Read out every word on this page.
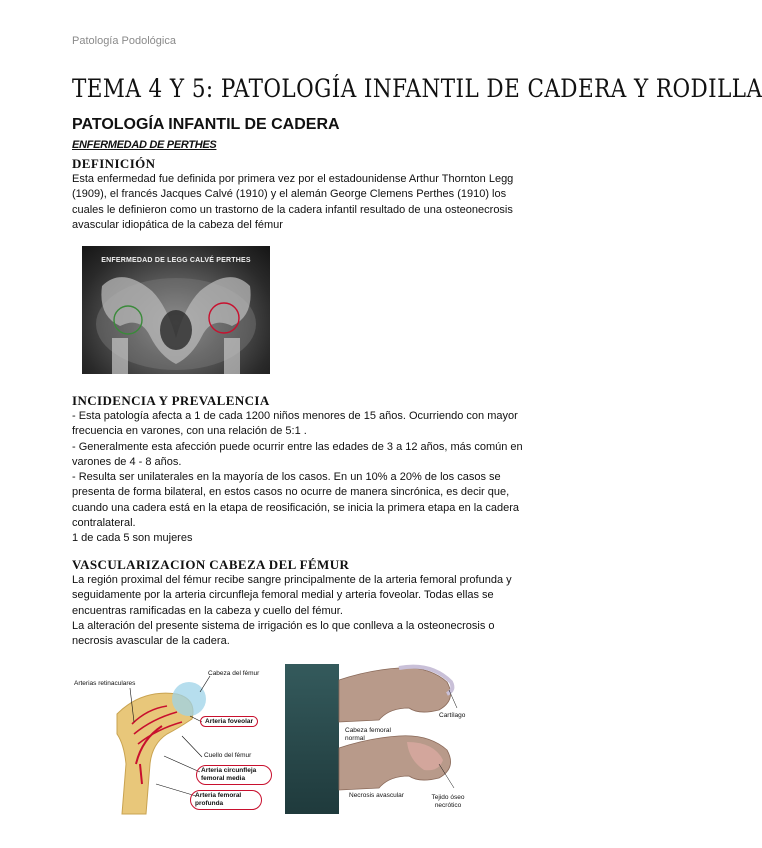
Patología Podológica
TEMA 4 Y 5: PATOLOGÍA INFANTIL DE CADERA Y RODILLA
PATOLOGÍA INFANTIL DE CADERA
ENFERMEDAD DE PERTHES
DEFINICIÓN

Esta enfermedad fue definida por primera vez por el estadounidense Arthur Thornton Legg (1909), el francés Jacques Calvé (1910) y el alemán George Clemens Perthes (1910) los cuales le definieron como un trastorno de la cadera infantil resultado de una osteonecrosis avascular idiopática de la cabeza del fémur

ENFERMEDAD DE LEGG CALVÉ PERTHES
INCIDENCIA Y PREVALENCIA

- Esta patología afecta a 1 de cada 1200 niños menores de 15 años. Ocurriendo con mayor frecuencia en varones, con una relación de 5:1 .

- Generalmente esta afección puede ocurrir entre las edades de 3 a 12 años, más común en varones de 4 - 8 años.

- Resulta ser unilaterales en la mayoría de los casos. En un 10% a 20% de los casos se presenta de forma bilateral, en estos casos no ocurre de manera sincrónica, es decir que, cuando una cadera está en la etapa de reosificación, se inicia la primera etapa en la cadera contralateral.

1 de cada 5 son mujeres

VASCULARIZACION CABEZA DEL FÉMUR

La región proximal del fémur recibe sangre principalmente de la arteria femoral profunda y seguidamente por la arteria circunfleja femoral medial y arteria foveolar. Todas ellas se encuentras ramificadas en la cabeza y cuello del fémur.

La alteración del presente sistema de irrigación es lo que conlleva a la osteonecrosis o necrosis avascular de la cadera.

Arterias retinaculares
Cabeza del fémur
Arteria foveolar
Cuello del fémur
Arteria circunfleja femoral media
Arteria femoral profunda
Cartílago
Cabeza femoral normal
Necrosis avascular	Tejido óseo necrótico
